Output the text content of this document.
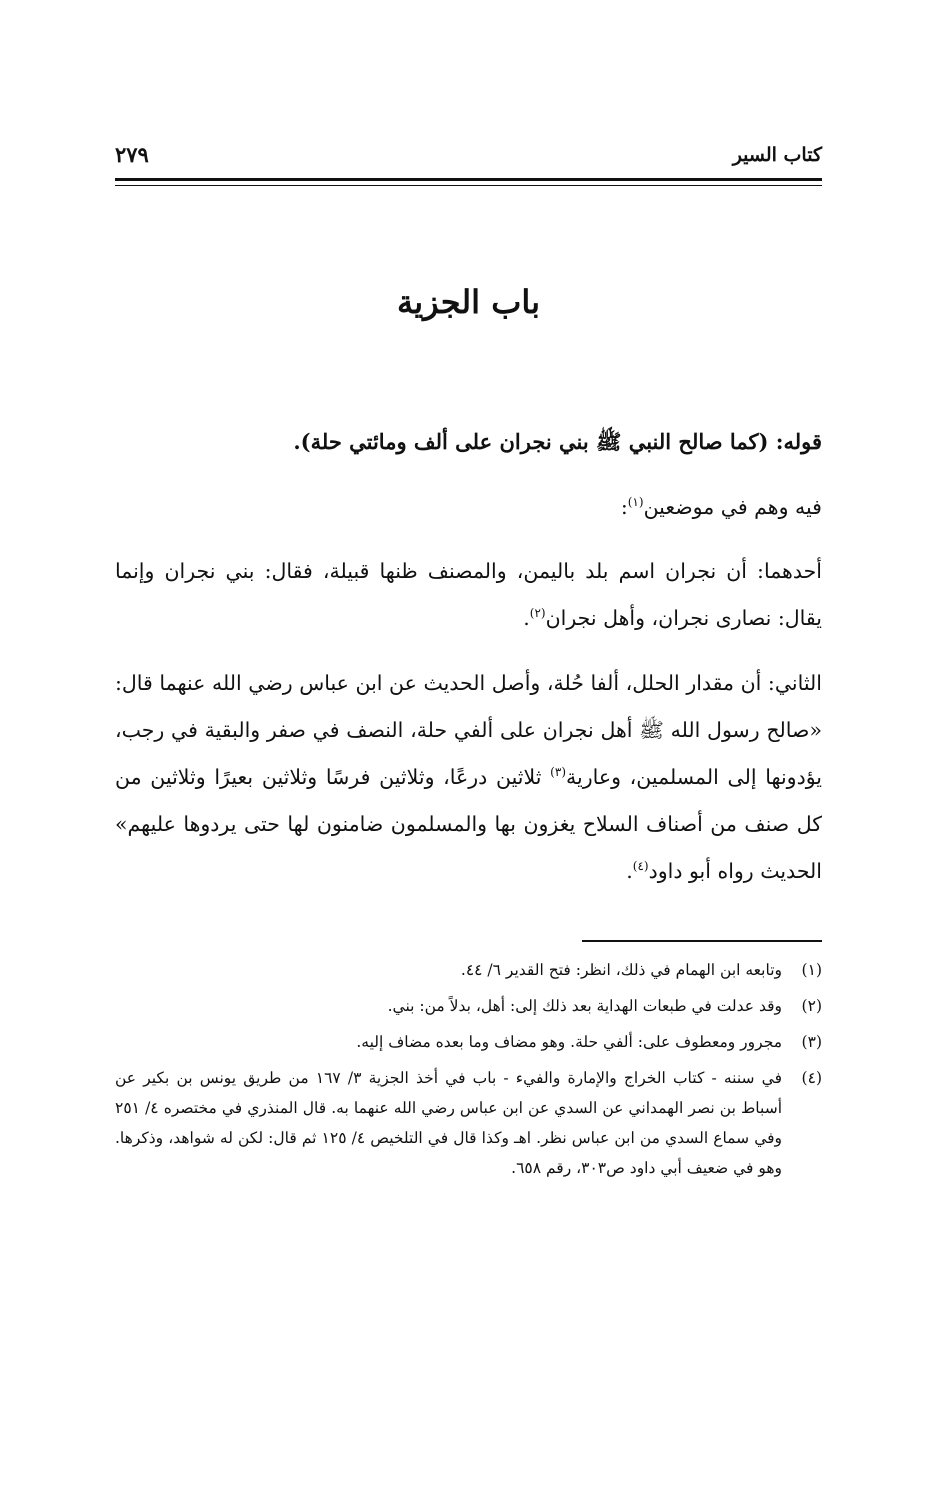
كتاب السير
٢٧٩
باب الجزية

قوله: (كما صالح النبي ﷺ بني نجران على ألف ومائتي حلة).

فيه وهم في موضعين$^{(١)}$:

أحدهما: أن نجران اسم بلد باليمن، والمصنف ظنها قبيلة، فقال: بني نجران وإنما يقال: نصارى نجران، وأهل نجران$^{(٢)}$.

الثاني: أن مقدار الحلل، ألفا حُلة، وأصل الحديث عن ابن عباس رضي الله عنهما قال: «صالح رسول الله ﷺ أهل نجران على ألفي حلة، النصف في صفر والبقية في رجب، يؤدونها إلى المسلمين، وعارية$^{(٣)}$ ثلاثين درعًا، وثلاثين فرسًا وثلاثين بعيرًا وثلاثين من كل صنف من أصناف السلاح يغزون بها والمسلمون ضامنون لها حتى يردوها عليهم» الحديث رواه أبو داود$^{(٤)}$.

(١)
وتابعه ابن الهمام في ذلك، انظر: فتح القدير ٦/ ٤٤.
(٢)
وقد عدلت في طبعات الهداية بعد ذلك إلى: أهل، بدلاً من: بني.
(٣)
مجرور ومعطوف على: ألفي حلة. وهو مضاف وما بعده مضاف إليه.
(٤)
في سننه - كتاب الخراج والإمارة والفيء - باب في أخذ الجزية ٣/ ١٦٧ من طريق يونس بن بكير عن أسباط بن نصر الهمداني عن السدي عن ابن عباس رضي الله عنهما به. قال المنذري في مختصره ٤/ ٢٥١ وفي سماع السدي من ابن عباس نظر. اهـ وكذا قال في التلخيص ٤/ ١٢٥ ثم قال: لكن له شواهد، وذكرها. وهو في ضعيف أبي داود ص٣٠٣، رقم ٦٥٨.
